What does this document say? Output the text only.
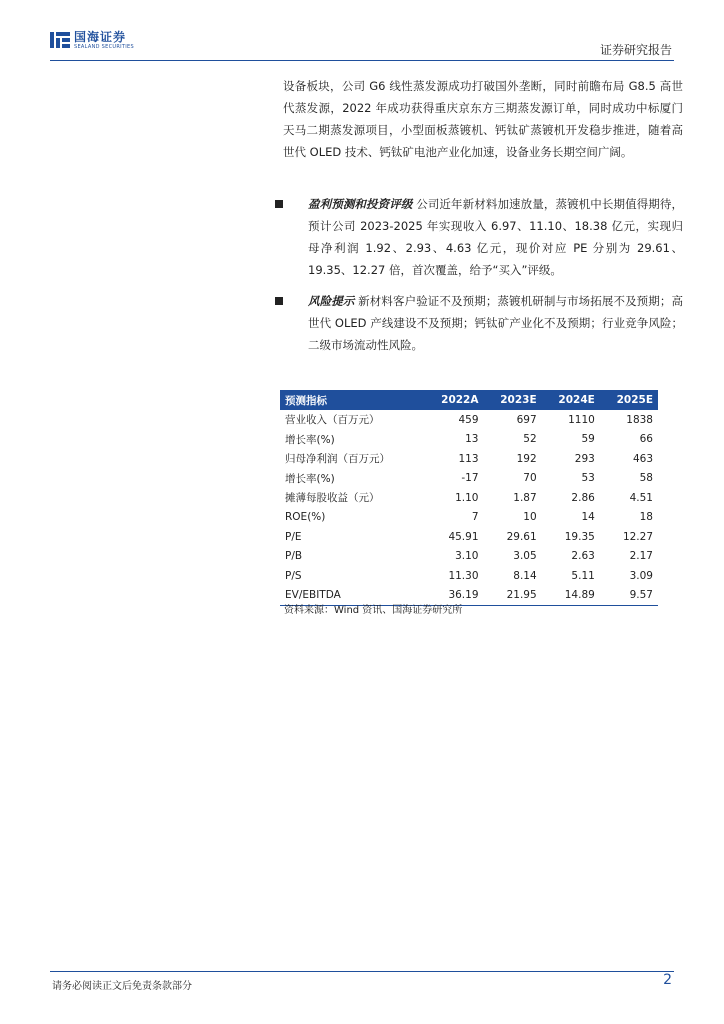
国海证券
SEALAND SECURITIES	证券研究报告
设备板块，公司 G6 线性蒸发源成功打破国外垄断，同时前瞻布局 G8.5 高世代蒸发源，2022 年成功获得重庆京东方三期蒸发源订单，同时成功中标厦门天马二期蒸发源项目，小型面板蒸镀机、钙钛矿蒸镀机开发稳步推进，随着高世代 OLED 技术、钙钛矿电池产业化加速，设备业务长期空间广阔。
盈利预测和投资评级 公司近年新材料加速放量，蒸镀机中长期值得期待，预计公司 2023-2025 年实现收入 6.97、11.10、18.38 亿元，实现归母净利润 1.92、2.93、4.63 亿元，现价对应 PE 分别为 29.61、19.35、12.27 倍，首次覆盖，给予“买入”评级。
风险提示 新材料客户验证不及预期；蒸镀机研制与市场拓展不及预期；高世代 OLED 产线建设不及预期；钙钛矿产业化不及预期；行业竞争风险；二级市场流动性风险。
预测指标	2022A	2023E	2024E	2025E
营业收入（百万元）	459	697	1110	1838
增长率(%)	13	52	59	66
归母净利润（百万元）	113	192	293	463
增长率(%)	-17	70	53	58
摊薄每股收益（元）	1.10	1.87	2.86	4.51
ROE(%)	7	10	14	18
P/E	45.91	29.61	19.35	12.27
P/B	3.10	3.05	2.63	2.17
P/S	11.30	8.14	5.11	3.09
EV/EBITDA	36.19	21.95	14.89	9.57
资料来源：Wind 资讯、国海证券研究所
请务必阅读正文后免责条款部分	2
